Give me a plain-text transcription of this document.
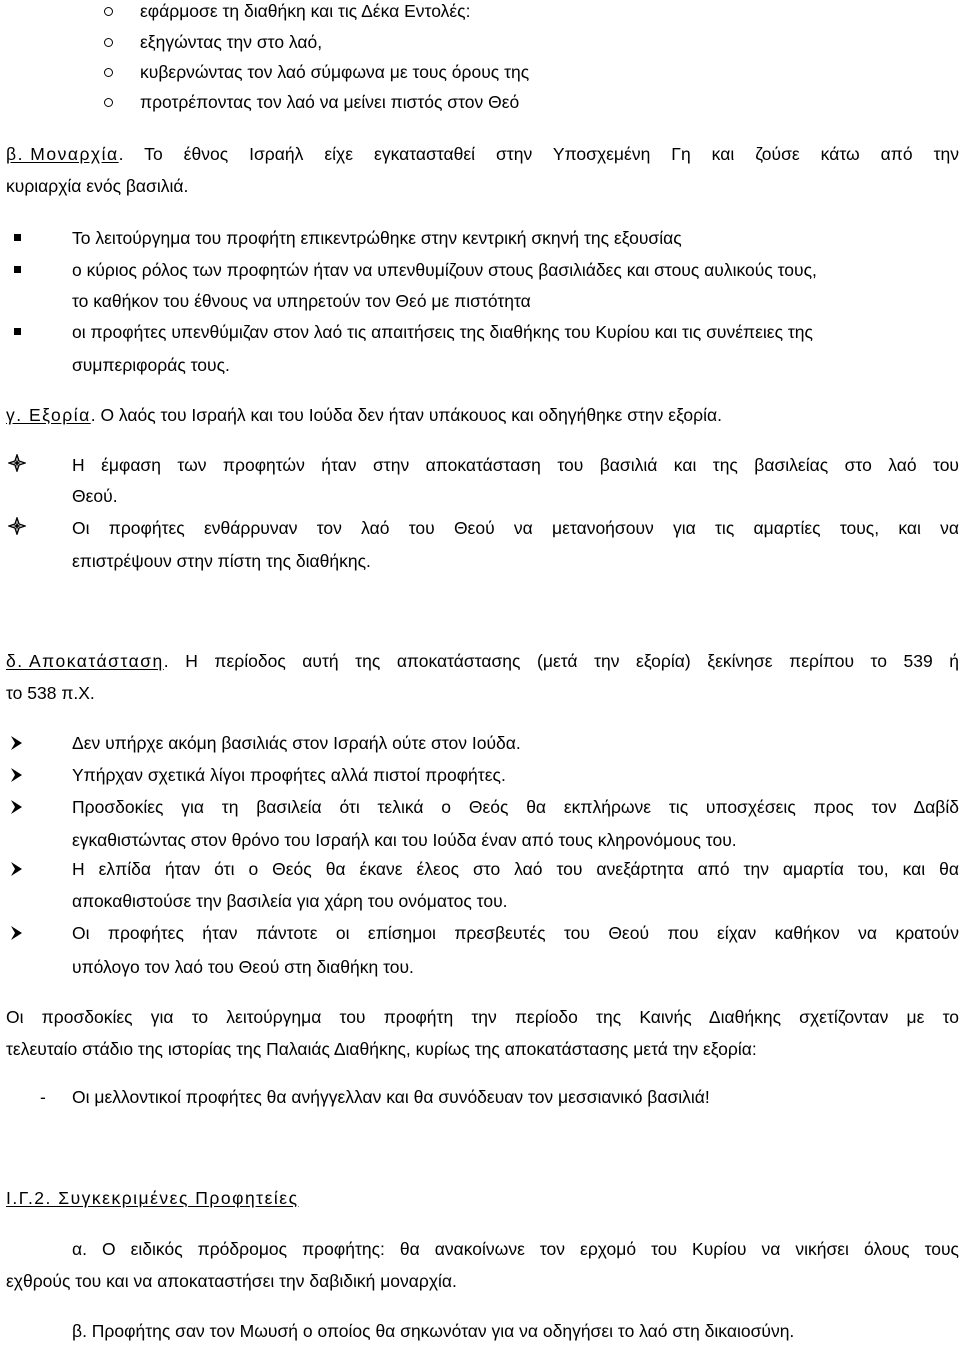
εφάρμοσε τη διαθήκη και τις Δέκα Εντολές:
εξηγώντας την στο λαό,
κυβερνώντας τον λαό σύμφωνα με τους όρους της
προτρέποντας τον λαό να μείνει πιστός στον Θεό
β. Μοναρχία . Το έθνος Ισραήλ είχε εγκατασταθεί στην Υποσχεμένη Γη και ζούσε κάτω από την
κυριαρχία ενός βασιλιά.
Το λειτούργημα του προφήτη επικεντρώθηκε στην κεντρική σκηνή της εξουσίας
ο κύριος ρόλος των προφητών ήταν να υπενθυμίζουν στους βασιλιάδες και στους αυλικούς τους,
το καθήκον του έθνους να υπηρετούν τον Θεό με πιστότητα
οι προφήτες υπενθύμιζαν στον λαό τις απαιτήσεις της διαθήκης του Κυρίου και τις συνέπειες της
συμπεριφοράς τους.
γ. Εξορία. Ο λαός του Ισραήλ και του Ιούδα δεν ήταν υπάκουος και οδηγήθηκε στην εξορία.
Η έμφαση των προφητών ήταν στην αποκατάσταση του βασιλιά και της βασιλείας στο λαό του
Θεού.
Οι προφήτες ενθάρρυναν τον λαό του Θεού να μετανοήσουν για τις αμαρτίες τους, και να
επιστρέψουν στην πίστη της διαθήκης.
δ. Αποκατάσταση . Η περίοδος αυτή της αποκατάστασης (μετά την εξορία) ξεκίνησε περίπου το 539 ή
το 538 π.Χ.
Δεν υπήρχε ακόμη βασιλιάς στον Ισραήλ ούτε στον Ιούδα.
Υπήρχαν σχετικά λίγοι προφήτες αλλά πιστοί προφήτες.
Προσδοκίες για τη βασιλεία ότι τελικά ο Θεός θα εκπλήρωνε τις υποσχέσεις προς τον Δαβίδ
εγκαθιστώντας στον θρόνο του Ισραήλ και του Ιούδα έναν από τους κληρονόμους του.
Η ελπίδα ήταν ότι ο Θεός θα έκανε έλεος στο λαό του ανεξάρτητα από την αμαρτία του, και θα
αποκαθιστούσε την βασιλεία για χάρη του ονόματος του.
Οι προφήτες ήταν πάντοτε οι επίσημοι πρεσβευτές του Θεού που είχαν καθήκον να κρατούν
υπόλογο τον λαό του Θεού στη διαθήκη του.
Οι προσδοκίες για το λειτούργημα του προφήτη την περίοδο της Καινής Διαθήκης σχετίζονταν με το
τελευταίο στάδιο της ιστορίας της Παλαιάς Διαθήκης, κυρίως της αποκατάστασης μετά την εξορία:
- Οι μελλοντικοί προφήτες θα ανήγγελλαν και θα συνόδευαν τον μεσσιανικό βασιλιά!
Ι.Γ.2. Συγκεκριμένες Προφητείες
α. Ο ειδικός πρόδρομος προφήτης: θα ανακοίνωνε τον ερχομό του Κυρίου να νικήσει όλους τους
εχθρούς του και να αποκαταστήσει την δαβιδική μοναρχία.
β. Προφήτης σαν τον Μωυσή ο οποίος θα σηκωνόταν για να οδηγήσει το λαό στη δικαιοσύνη.
